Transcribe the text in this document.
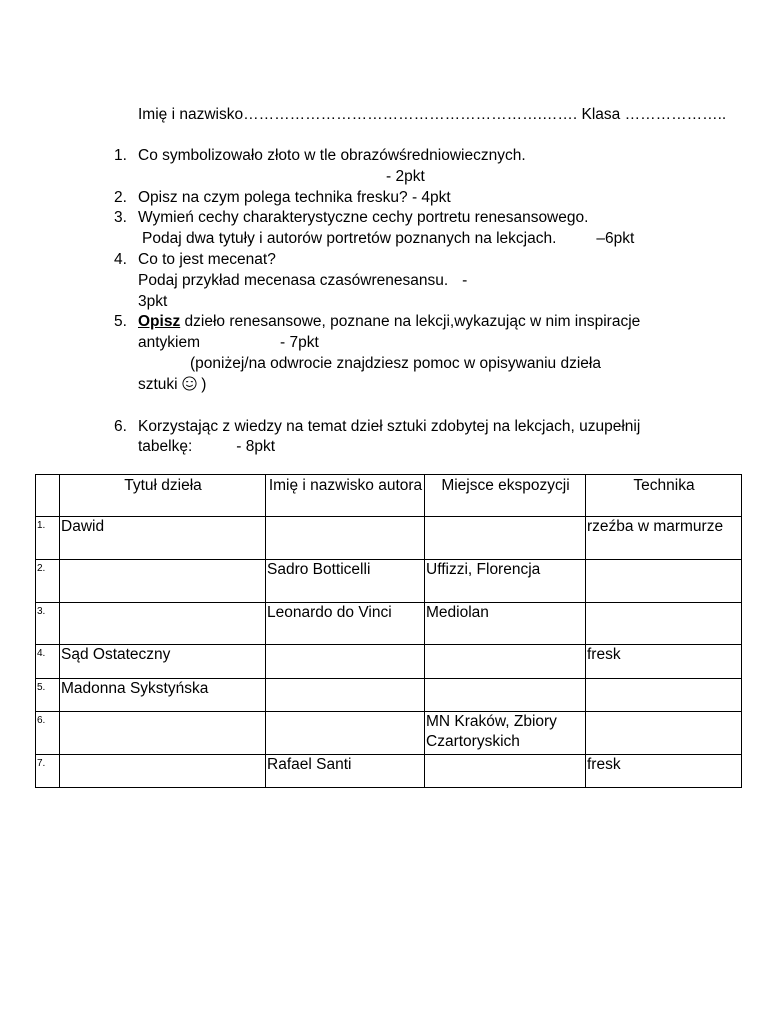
Imię i nazwisko………………………………………………….……. Klasa ………………..
1. Co symbolizowało złoto w tle obrazówśredniowiecznych.
- 2pkt
2. Opisz na czym polega technika fresku? - 4pkt
3. Wymień cechy charakterystyczne cechy portretu renesansowego.
Podaj dwa tytuły i autorów portretów poznanych na lekcjach.	–6pkt
4. Co to jest mecenat?
Podaj przykład mecenasa czasówrenesansu. -
3pkt
5. Opisz dzieło renesansowe, poznane na lekcji,wykazując w nim inspiracje
antykiem	- 7pkt
(poniżej/na odwrocie znajdziesz pomoc w opisywaniu dzieła
sztuki )
6. Korzystając z wiedzy na temat dzieł sztuki zdobytej na lekcjach, uzupełnij
tabelkę:	- 8pkt
	Tytuł dzieła	Imię i nazwisko autora	Miejsce ekspozycji	Technika
1.	Dawid			rzeźba w marmurze
2.		Sadro Botticelli	Uffizzi, Florencja	
3.		Leonardo do Vinci	Mediolan	
4.	Sąd Ostateczny			fresk
5.	Madonna Sykstyńska			
6.			MN Kraków, Zbiory Czartoryskich	
7.		Rafael Santi		fresk
